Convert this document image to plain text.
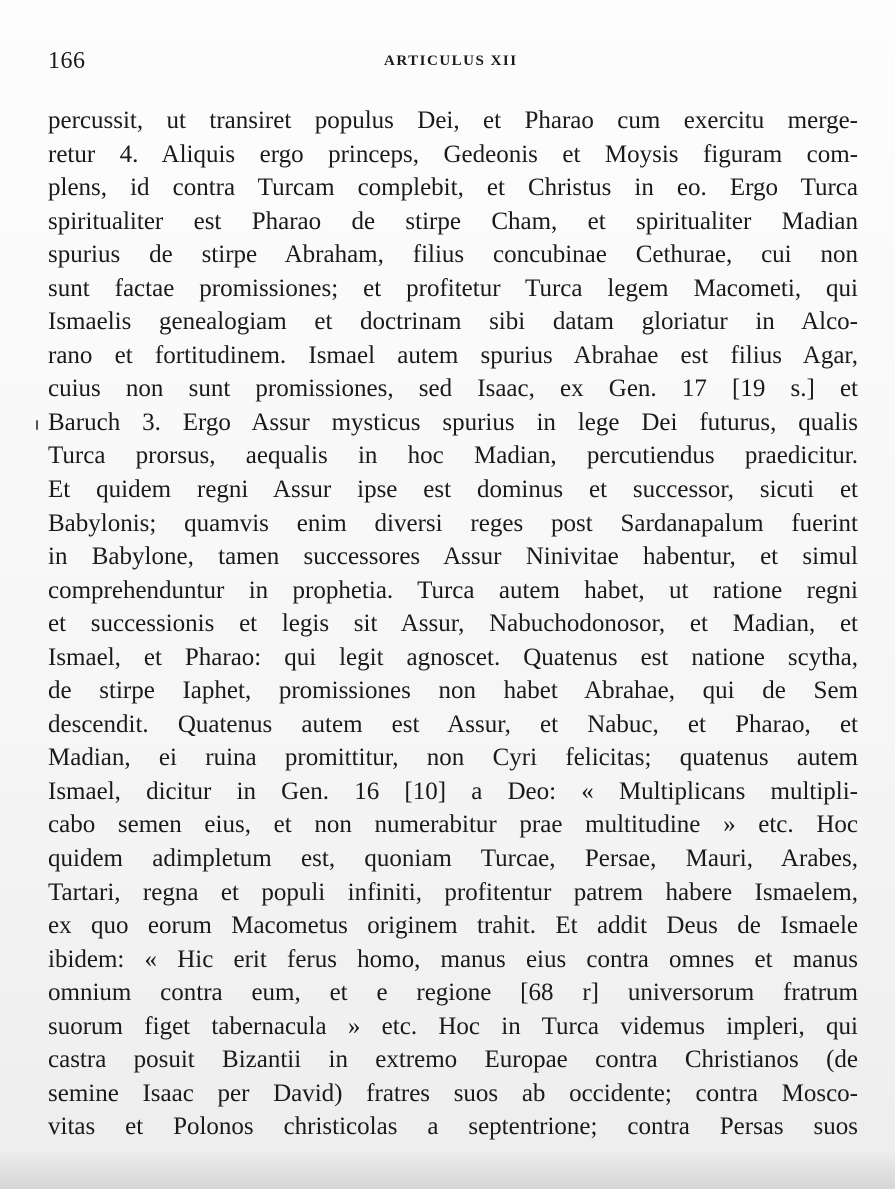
166	ARTICULUS XII
percussit, ut transiret populus Dei, et Pharao cum exercitu merge-
retur 4. Aliquis ergo princeps, Gedeonis et Moysis figuram com-
plens, id contra Turcam complebit, et Christus in eo. Ergo Turca
spiritualiter est Pharao de stirpe Cham, et spiritualiter Madian
spurius de stirpe Abraham, filius concubinae Cethurae, cui non
sunt factae promissiones; et profitetur Turca legem Macometi, qui
Ismaelis genealogiam et doctrinam sibi datam gloriatur in Alco-
rano et fortitudinem. Ismael autem spurius Abrahae est filius Agar,
cuius non sunt promissiones, sed Isaac, ex Gen. 17 [19 s.] et
Baruch 3. Ergo Assur mysticus spurius in lege Dei futurus, qualis
Turca prorsus, aequalis in hoc Madian, percutiendus praedicitur.
Et quidem regni Assur ipse est dominus et successor, sicuti et
Babylonis; quamvis enim diversi reges post Sardanapalum fuerint
in Babylone, tamen successores Assur Ninivitae habentur, et simul
comprehenduntur in prophetia. Turca autem habet, ut ratione regni
et successionis et legis sit Assur, Nabuchodonosor, et Madian, et
Ismael, et Pharao: qui legit agnoscet. Quatenus est natione scytha,
de stirpe Iaphet, promissiones non habet Abrahae, qui de Sem
descendit. Quatenus autem est Assur, et Nabuc, et Pharao, et
Madian, ei ruina promittitur, non Cyri felicitas; quatenus autem
Ismael, dicitur in Gen. 16 [10] a Deo: « Multiplicans multipli-
cabo semen eius, et non numerabitur prae multitudine » etc. Hoc
quidem adimpletum est, quoniam Turcae, Persae, Mauri, Arabes,
Tartari, regna et populi infiniti, profitentur patrem habere Ismaelem,
ex quo eorum Macometus originem trahit. Et addit Deus de Ismaele
ibidem: « Hic erit ferus homo, manus eius contra omnes et manus
omnium contra eum, et e regione [68 r] universorum fratrum
suorum figet tabernacula » etc. Hoc in Turca videmus impleri, qui
castra posuit Bizantii in extremo Europae contra Christianos (de
semine Isaac per David) fratres suos ab occidente; contra Mosco-
vitas et Polonos christicolas a septentrione; contra Persas suos
